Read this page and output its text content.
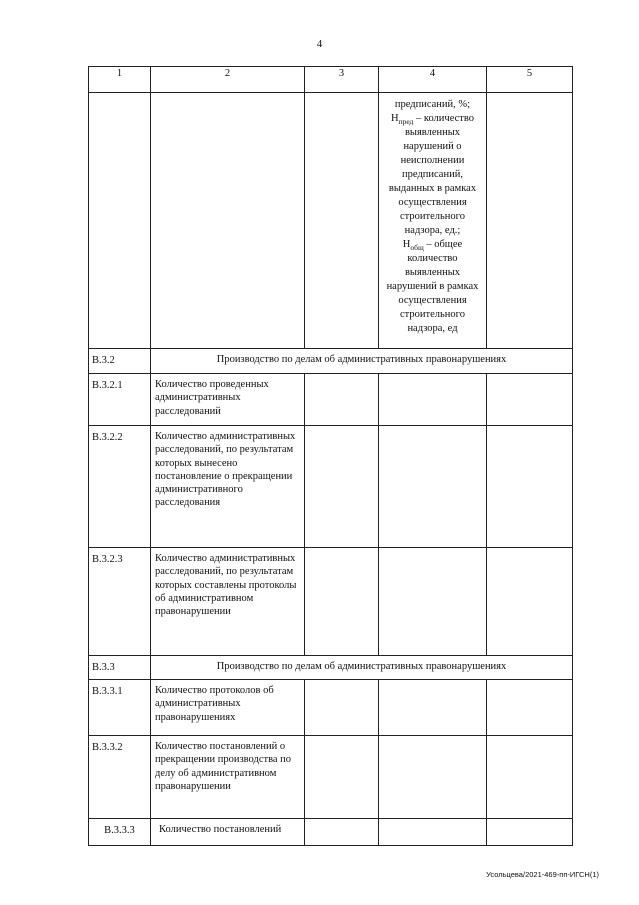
4
1	2	3	4	5
			предписаний, %;
$Н_{пред}$ – количество выявленных нарушений о неисполнении предписаний, выданных в рамках осуществления строительного надзора, ед.;
$Н_{общ}$ – общее количество выявленных нарушений в рамках осуществления строительного надзора, ед	
B.3.2	Производство по делам об административных правонарушениях			
B.3.2.1	Количество проведенных административных расследований			
B.3.2.2	Количество административных расследований, по результатам которых вынесено постановление о прекращении административного расследования			
B.3.2.3	Количество административных расследований, по результатам которых составлены протоколы об административном правонарушении			
B.3.3	Производство по делам об административных правонарушениях			
B.3.3.1	Количество протоколов об административных правонарушениях			
B.3.3.2	Количество постановлений о прекращении производства по делу об административном правонарушении			
B.3.3.3	Количество постановлений			
Усольцева/2021-469-пп-ИГСН(1)
